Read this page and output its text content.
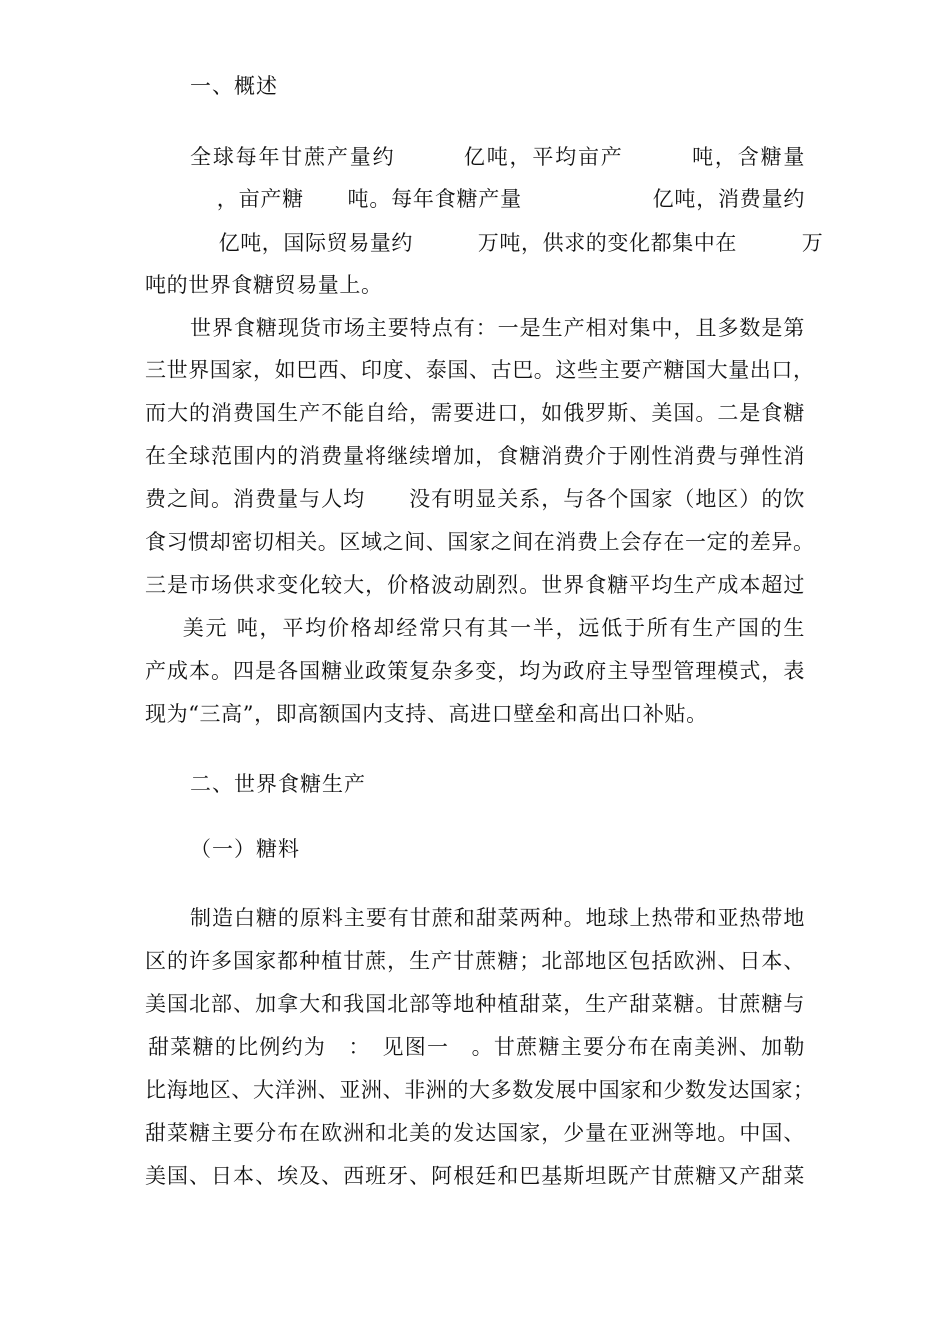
一、概述
全球每年甘蔗产量约　　　亿吨，平均亩产　　　吨，含糖量
　，亩产糖　　吨。每年食糖产量　　　　　　亿吨，消费量约
　亿吨，国际贸易量约　　　万吨，供求的变化都集中在　　　万
吨的世界食糖贸易量上。
世界食糖现货市场主要特点有：一是生产相对集中，且多数是第
三世界国家，如巴西、印度、泰国、古巴。这些主要产糖国大量出口，
而大的消费国生产不能自给，需要进口，如俄罗斯、美国。二是食糖
在全球范围内的消费量将继续增加，食糖消费介于刚性消费与弹性消
费之间。消费量与人均　　没有明显关系，与各个国家（地区）的饮
食习惯却密切相关。区域之间、国家之间在消费上会存在一定的差异。
三是市场供求变化较大，价格波动剧烈。世界食糖平均生产成本超过
　美元 吨，平均价格却经常只有其一半，远低于所有生产国的生
产成本。四是各国糖业政策复杂多变，均为政府主导型管理模式，表
现为“三高”，即高额国内支持、高进口壁垒和高出口补贴。
二、世界食糖生产
（一）糖料
制造白糖的原料主要有甘蔗和甜菜两种。地球上热带和亚热带地
区的许多国家都种植甘蔗，生产甘蔗糖；北部地区包括欧洲、日本、
美国北部、加拿大和我国北部等地种植甜菜，生产甜菜糖。甘蔗糖与
甜菜糖的比例约为　：　见图一　。甘蔗糖主要分布在南美洲、加勒
比海地区、大洋洲、亚洲、非洲的大多数发展中国家和少数发达国家；
甜菜糖主要分布在欧洲和北美的发达国家，少量在亚洲等地。中国、
美国、日本、埃及、西班牙、阿根廷和巴基斯坦既产甘蔗糖又产甜菜
